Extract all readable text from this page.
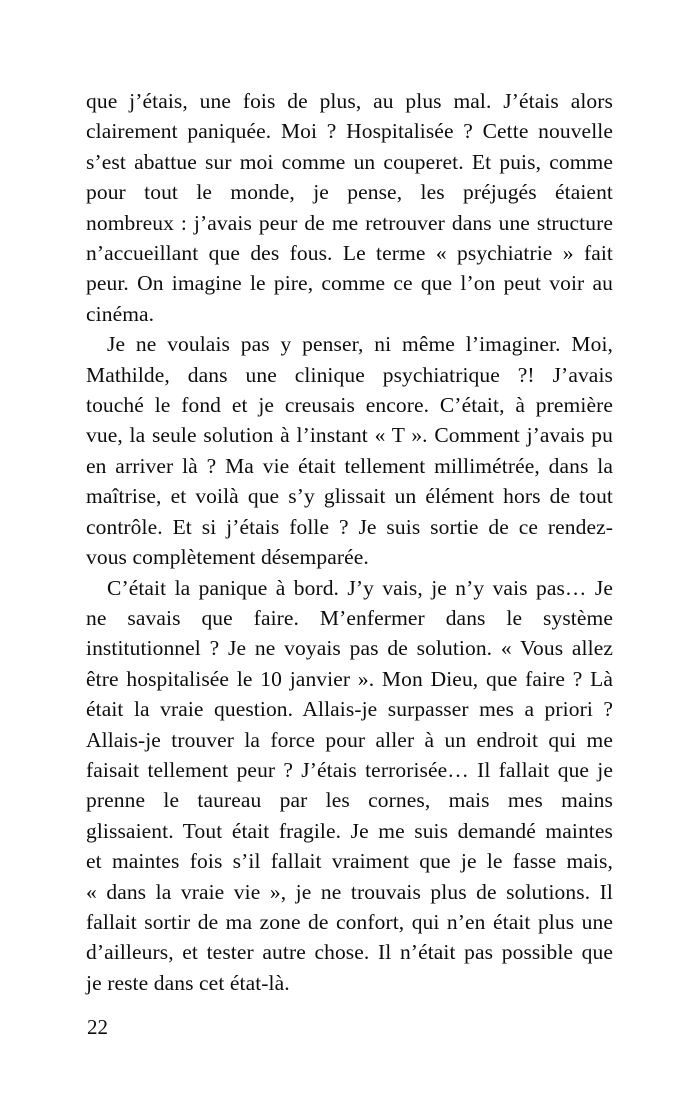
que j’étais, une fois de plus, au plus mal. J’étais alors
clairement paniquée. Moi ? Hospitalisée ? Cette nouvelle
s’est abattue sur moi comme un couperet. Et puis, comme
pour tout le monde, je pense, les préjugés étaient
nombreux : j’avais peur de me retrouver dans une structure
n’accueillant que des fous. Le terme « psychiatrie » fait
peur. On imagine le pire, comme ce que l’on peut voir au
cinéma.
Je ne voulais pas y penser, ni même l’imaginer. Moi,
Mathilde, dans une clinique psychiatrique ?! J’avais
touché le fond et je creusais encore. C’était, à première
vue, la seule solution à l’instant « T ». Comment j’avais pu
en arriver là ? Ma vie était tellement millimétrée, dans la
maîtrise, et voilà que s’y glissait un élément hors de tout
contrôle. Et si j’étais folle ? Je suis sortie de ce rendez-
vous complètement désemparée.
C’était la panique à bord. J’y vais, je n’y vais pas… Je
ne savais que faire. M’enfermer dans le système
institutionnel ? Je ne voyais pas de solution. « Vous allez
être hospitalisée le 10 janvier ». Mon Dieu, que faire ? Là
était la vraie question. Allais-je surpasser mes a priori ?
Allais-je trouver la force pour aller à un endroit qui me
faisait tellement peur ? J’étais terrorisée… Il fallait que je
prenne le taureau par les cornes, mais mes mains
glissaient. Tout était fragile. Je me suis demandé maintes
et maintes fois s’il fallait vraiment que je le fasse mais,
« dans la vraie vie », je ne trouvais plus de solutions. Il
fallait sortir de ma zone de confort, qui n’en était plus une
d’ailleurs, et tester autre chose. Il n’était pas possible que
je reste dans cet état-là.
22
